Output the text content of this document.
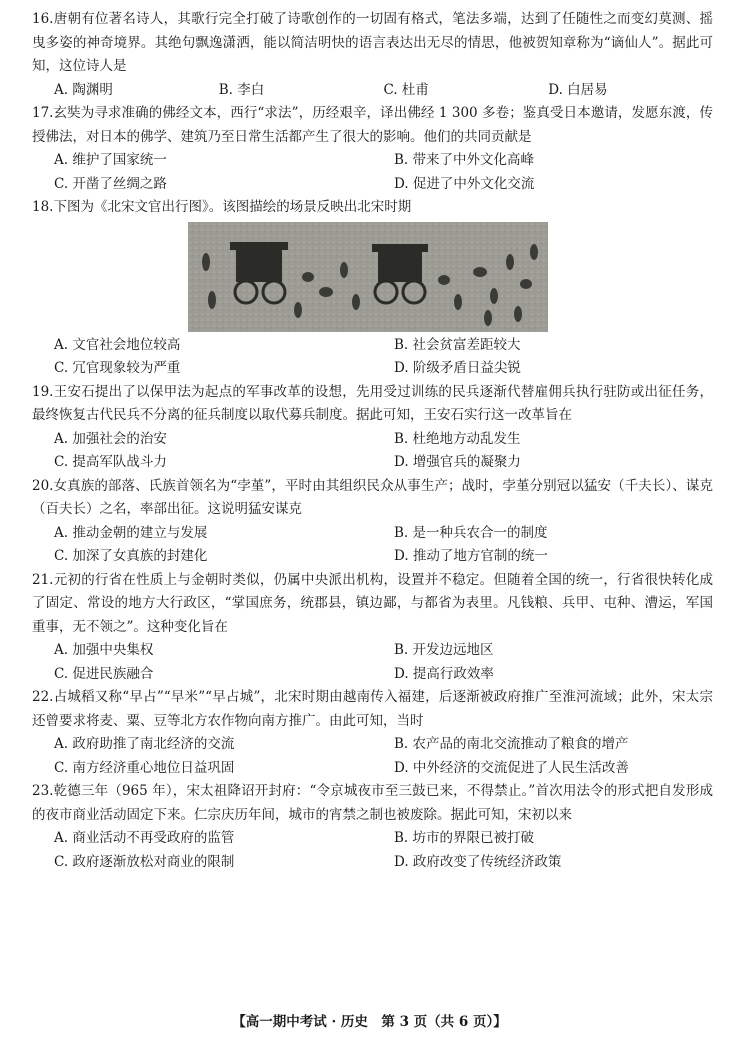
16.唐朝有位著名诗人，其歌行完全打破了诗歌创作的一切固有格式，笔法多端，达到了任随性之而变幻莫测、摇曳多姿的神奇境界。其绝句飘逸潇洒，能以简洁明快的语言表达出无尽的情思，他被贺知章称为“谪仙人”。据此可知，这位诗人是
A. 陶渊明	B. 李白	C. 杜甫	D. 白居易
17.玄奘为寻求准确的佛经文本，西行“求法”，历经艰辛，译出佛经 1 300 多卷；鉴真受日本邀请，发愿东渡，传授佛法，对日本的佛学、建筑乃至日常生活都产生了很大的影响。他们的共同贡献是
A. 维护了国家统一	B. 带来了中外文化高峰
C. 开凿了丝绸之路	D. 促进了中外文化交流
18.下图为《北宋文官出行图》。该图描绘的场景反映出北宋时期
A. 文官社会地位较高	B. 社会贫富差距较大
C. 冗官现象较为严重	D. 阶级矛盾日益尖锐
19.王安石提出了以保甲法为起点的军事改革的设想，先用受过训练的民兵逐渐代替雇佣兵执行驻防或出征任务，最终恢复古代民兵不分离的征兵制度以取代募兵制度。据此可知，王安石实行这一改革旨在
A. 加强社会的治安	B. 杜绝地方动乱发生
C. 提高军队战斗力	D. 增强官兵的凝聚力
20.女真族的部落、氏族首领名为“孛堇”，平时由其组织民众从事生产；战时，孛堇分别冠以猛安（千夫长）、谋克（百夫长）之名，率部出征。这说明猛安谋克
A. 推动金朝的建立与发展	B. 是一种兵农合一的制度
C. 加深了女真族的封建化	D. 推动了地方官制的统一
21.元初的行省在性质上与金朝时类似，仍属中央派出机构，设置并不稳定。但随着全国的统一，行省很快转化成了固定、常设的地方大行政区，“掌国庶务，统郡县，镇边鄙，与都省为表里。凡钱粮、兵甲、屯种、漕运，军国重事，无不领之”。这种变化旨在
A. 加强中央集权	B. 开发边远地区
C. 促进民族融合	D. 提高行政效率
22.占城稻又称“早占”“早米”“早占城”，北宋时期由越南传入福建，后逐渐被政府推广至淮河流域；此外，宋太宗还曾要求将麦、粟、豆等北方农作物向南方推广。由此可知，当时
A. 政府助推了南北经济的交流	B. 农产品的南北交流推动了粮食的增产
C. 南方经济重心地位日益巩固	D. 中外经济的交流促进了人民生活改善
23.乾德三年（965 年），宋太祖降诏开封府：“令京城夜市至三鼓已来，不得禁止。”首次用法令的形式把自发形成的夜市商业活动固定下来。仁宗庆历年间，城市的宵禁之制也被废除。据此可知，宋初以来
A. 商业活动不再受政府的监管	B. 坊市的界限已被打破
C. 政府逐渐放松对商业的限制	D. 政府改变了传统经济政策
【高一期中考试 · 历史　第 3 页（共 6 页）】
